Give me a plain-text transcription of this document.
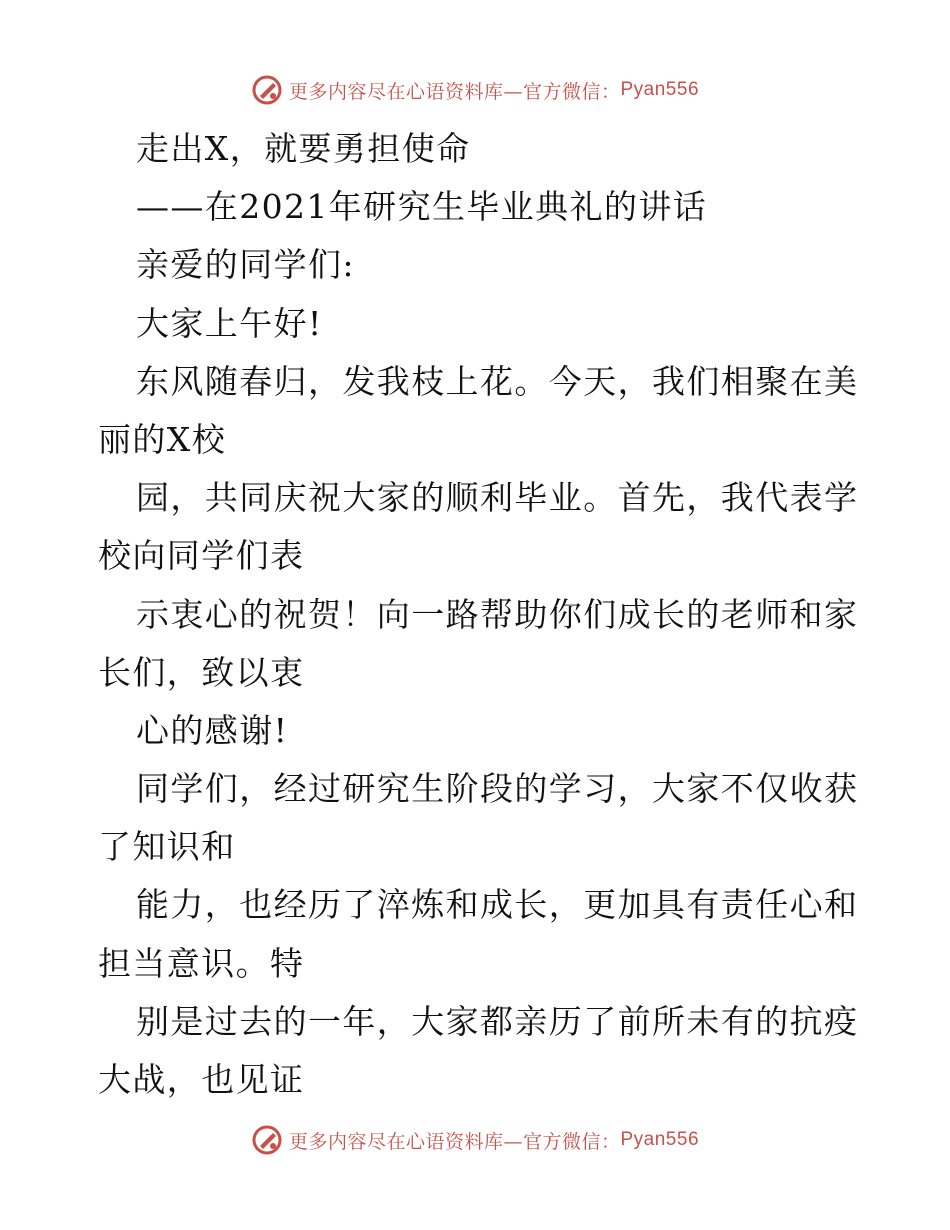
更多内容尽在心语资料库—官方微信： Pyan556
走出X，就要勇担使命
——在2021年研究生毕业典礼的讲话
亲爱的同学们:
大家上午好!
东风随春归，发我枝上花。今天，我们相聚在美
丽的X校
园，共同庆祝大家的顺利毕业。首先，我代表学
校向同学们表
示衷心的祝贺！向一路帮助你们成长的老师和家
长们，致以衷
心的感谢!
同学们，经过研究生阶段的学习，大家不仅收获
了知识和
能力，也经历了淬炼和成长，更加具有责任心和
担当意识。特
别是过去的一年，大家都亲历了前所未有的抗疫
大战，也见证
更多内容尽在心语资料库—官方微信： Pyan556
